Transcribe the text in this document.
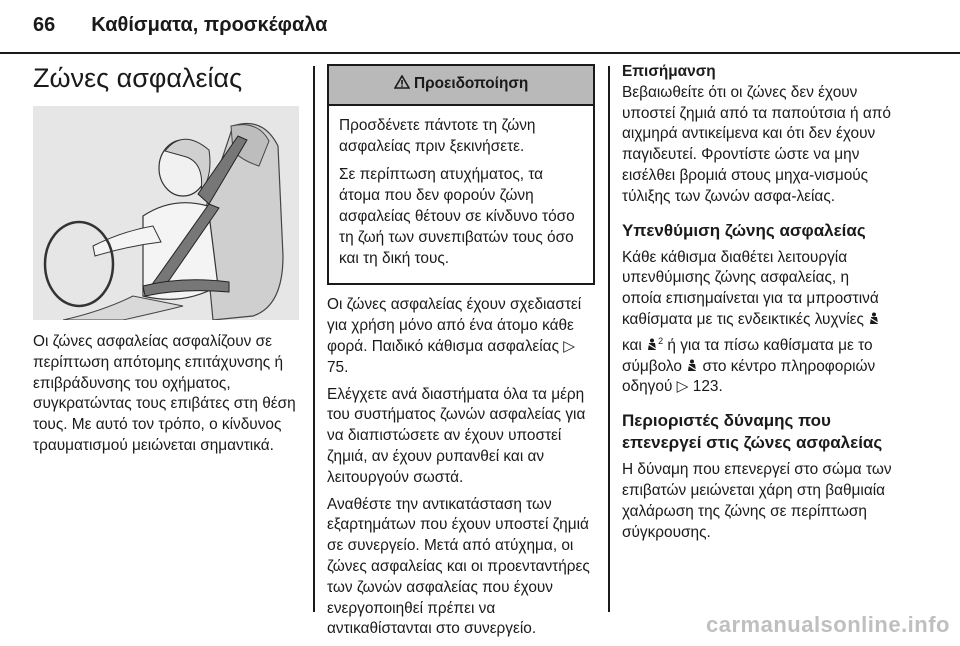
66 Καθίσματα, προσκέφαλα
Ζώνες ασφαλείας

Οι ζώνες ασφαλείας ασφαλίζουν σε περίπτωση απότομης επιτάχυνσης ή επιβράδυνσης του οχήματος, συγκρατώντας τους επιβάτες στη θέση τους. Με αυτό τον τρόπο, ο κίνδυνος τραυματισμού μειώνεται σημαντικά.

Προειδοποίηση

Προσδένετε πάντοτε τη ζώνη ασφαλείας πριν ξεκινήσετε.

Σε περίπτωση ατυχήματος, τα άτομα που δεν φορούν ζώνη ασφαλείας θέτουν σε κίνδυνο τόσο τη ζωή των συνεπιβατών τους όσο και τη δική τους.

Οι ζώνες ασφαλείας έχουν σχεδιαστεί για χρήση μόνο από ένα άτομο κάθε φορά. Παιδικό κάθισμα ασφαλείας ▷ 75.

Ελέγχετε ανά διαστήματα όλα τα μέρη του συστήματος ζωνών ασφαλείας για να διαπιστώσετε αν έχουν υποστεί ζημιά, αν έχουν ρυπανθεί και αν λειτουργούν σωστά.

Αναθέστε την αντικατάσταση των εξαρτημάτων που έχουν υποστεί ζημιά σε συνεργείο. Μετά από ατύχημα, οι ζώνες ασφαλείας και οι προενταντήρες των ζωνών ασφαλείας που έχουν ενεργοποιηθεί πρέπει να αντικαθίστανται στο συνεργείο.

Επισήμανση
Βεβαιωθείτε ότι οι ζώνες δεν έχουν υποστεί ζημιά από τα παπούτσια ή από αιχμηρά αντικείμενα και ότι δεν έχουν παγιδευτεί. Φροντίστε ώστε να μην εισέλθει βρομιά στους μηχα-νισμούς τύλιξης των ζωνών ασφα-λείας.

Υπενθύμιση ζώνης ασφαλείας

Κάθε κάθισμα διαθέτει λειτουργία υπενθύμισης ζώνης ασφαλείας, η οποία επισημαίνεται για τα μπροστινά καθίσματα με τις ενδεικτικές λυχνίες  και $^2$ ή για τα πίσω καθίσματα με το σύμβολο στο κέντρο πληροφοριών οδηγού ▷ 123.

Περιοριστές δύναμης που επενεργεί στις ζώνες ασφαλείας

Η δύναμη που επενεργεί στο σώμα των επιβατών μειώνεται χάρη στη βαθμιαία χαλάρωση της ζώνης σε περίπτωση σύγκρουσης.

carmanualsonline.info
